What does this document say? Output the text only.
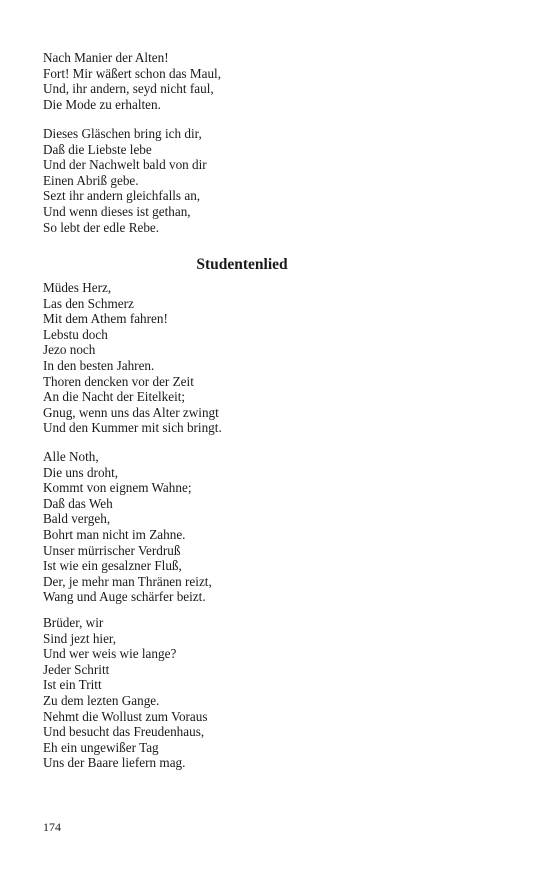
Nach Manier der Alten!
Fort! Mir wäßert schon das Maul,
Und, ihr andern, seyd nicht faul,
Die Mode zu erhalten.
Dieses Gläschen bring ich dir,
Daß die Liebste lebe
Und der Nachwelt bald von dir
Einen Abriß gebe.
Sezt ihr andern gleichfalls an,
Und wenn dieses ist gethan,
So lebt der edle Rebe.
Studentenlied
Müdes Herz,
Las den Schmerz
Mit dem Athem fahren!
Lebstu doch
Jezo noch
In den besten Jahren.
Thoren dencken vor der Zeit
An die Nacht der Eitelkeit;
Gnug, wenn uns das Alter zwingt
Und den Kummer mit sich bringt.
Alle Noth,
Die uns droht,
Kommt von eignem Wahne;
Daß das Weh
Bald vergeh,
Bohrt man nicht im Zahne.
Unser mürrischer Verdruß
Ist wie ein gesalzner Fluß,
Der, je mehr man Thränen reizt,
Wang und Auge schärfer beizt.
Brüder, wir
Sind jezt hier,
Und wer weis wie lange?
Jeder Schritt
Ist ein Tritt
Zu dem lezten Gange.
Nehmt die Wollust zum Voraus
Und besucht das Freudenhaus,
Eh ein ungewißer Tag
Uns der Baare liefern mag.
174
